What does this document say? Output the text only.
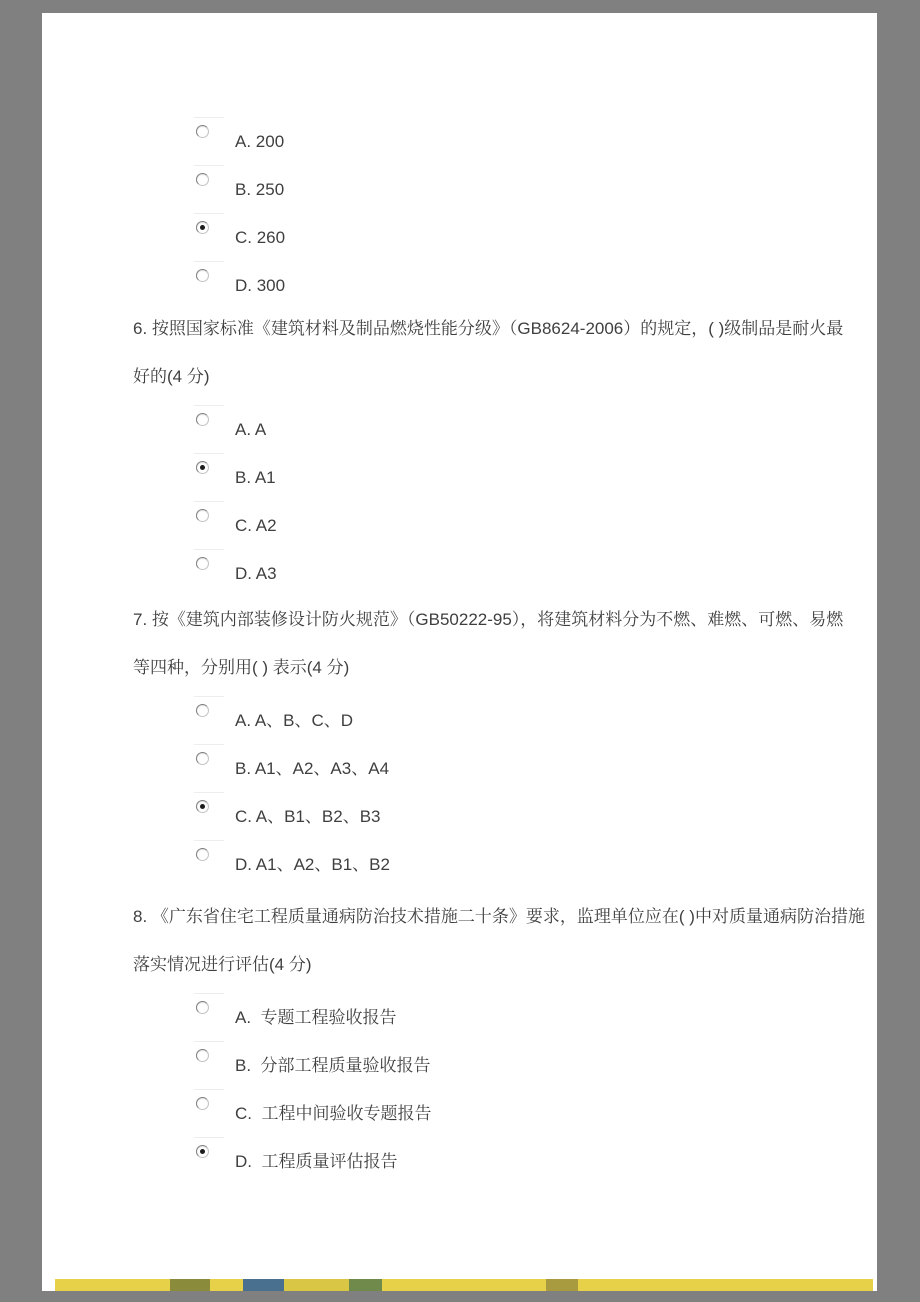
A. 200
B. 250
C. 260
D. 300
6. 按照国家标准《建筑材料及制品燃烧性能分级》（GB8624-2006）的规定，( )级制品是耐火最
好的(4 分)
A. A
B. A1
C. A2
D. A3
7. 按《建筑内部装修设计防火规范》（GB50222-95），将建筑材料分为不燃、难燃、可燃、易燃
等四种，分别用( ) 表示(4 分)
A. A、B、C、D
B. A1、A2、A3、A4
C. A、B1、B2、B3
D. A1、A2、B1、B2
8. 《广东省住宅工程质量通病防治技术措施二十条》要求，监理单位应在( )中对质量通病防治措施
落实情况进行评估(4 分)
A.  专题工程验收报告
B.  分部工程质量验收报告
C.  工程中间验收专题报告
D.  工程质量评估报告
